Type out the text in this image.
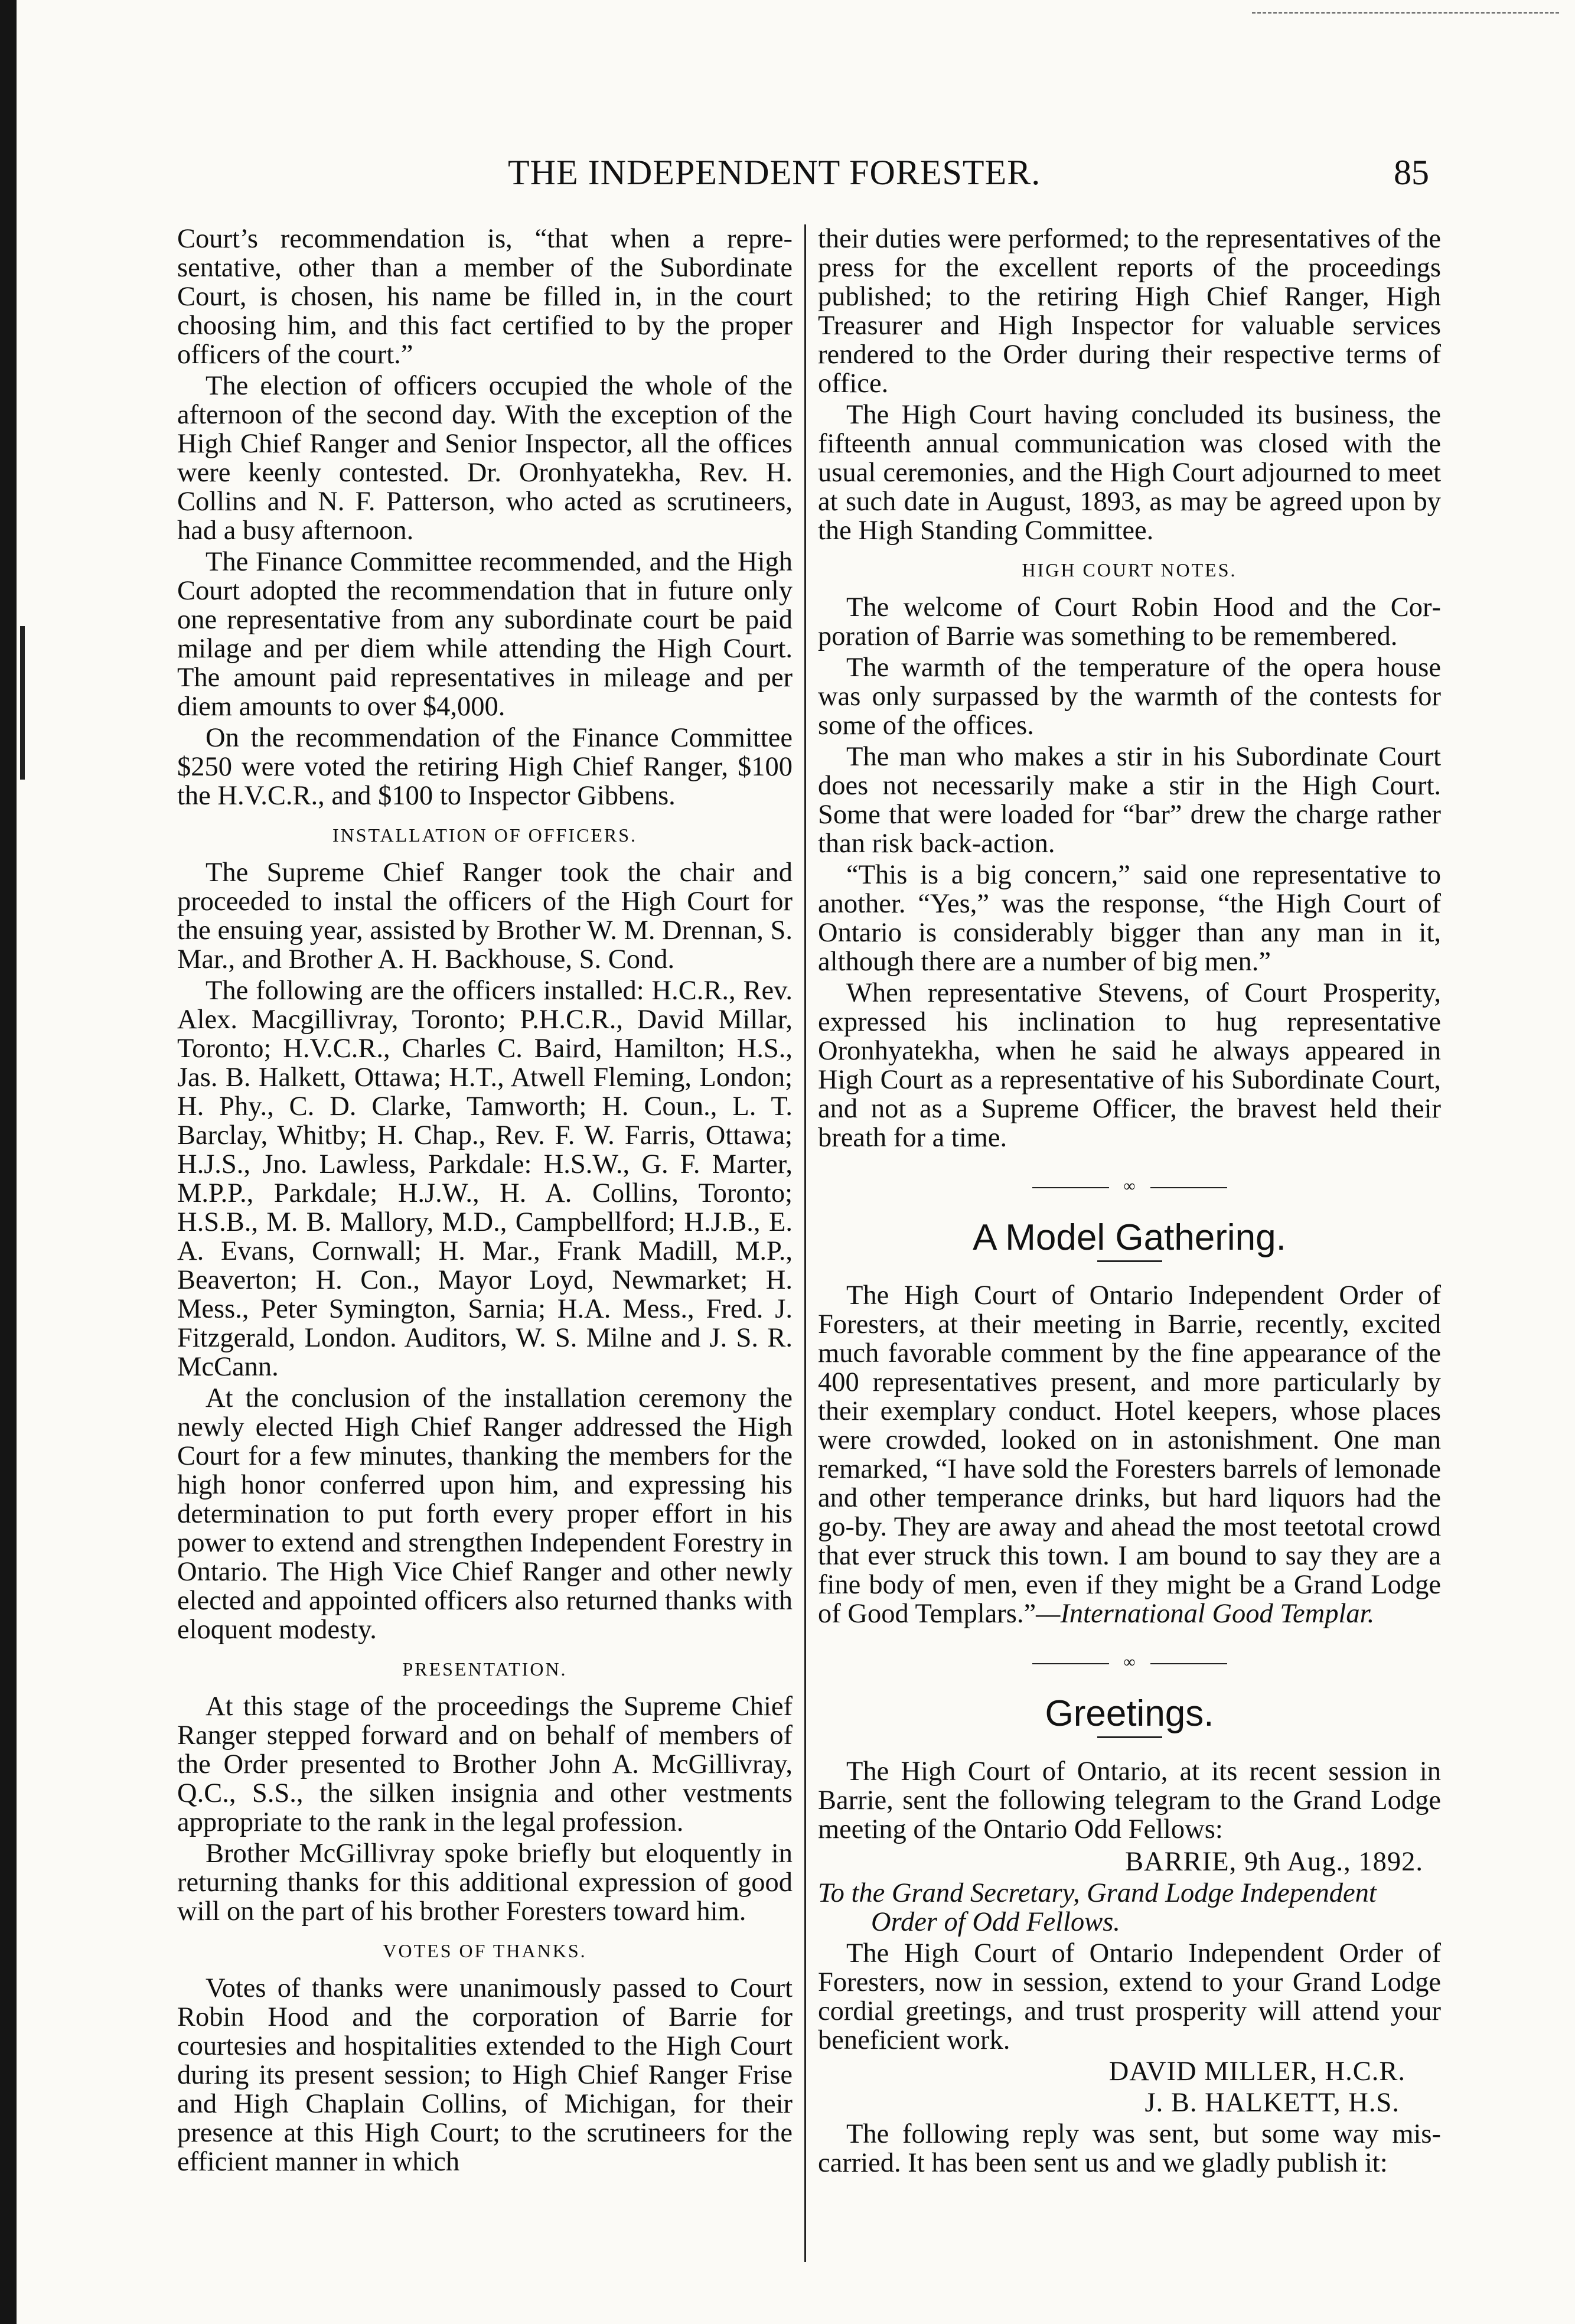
THE INDEPENDENT FORESTER.	85

Court’s recommendation is, “that when a representative, other than a member of the Subordinate Court, is chosen, his name be filled in, in the court choosing him, and this fact certified to by the proper officers of the court.”

The election of officers occupied the whole of the afternoon of the second day. With the exception of the High Chief Ranger and Senior Inspector, all the offices were keenly contested. Dr. Oronhyatekha, Rev. H. Collins and N. F. Patterson, who acted as scrutineers, had a busy afternoon.

The Finance Committee recommended, and the High Court adopted the recommendation that in future only one representative from any subordinate court be paid milage and per diem while attending the High Court. The amount paid representatives in mileage and per diem amounts to over $4,000.

On the recommendation of the Finance Committee $250 were voted the retiring High Chief Ranger, $100 the H.V.C.R., and $100 to Inspector Gibbens.

INSTALLATION OF OFFICERS.

The Supreme Chief Ranger took the chair and proceeded to instal the officers of the High Court for the ensuing year, assisted by Brother W. M. Drennan, S. Mar., and Brother A. H. Backhouse, S. Cond.

The following are the officers installed: H.C.R., Rev. Alex. Macgillivray, Toronto; P.H.C.R., David Millar, Toronto; H.V.C.R., Charles C. Baird, Hamilton; H.S., Jas. B. Halkett, Ottawa; H.T., Atwell Fleming, London; H. Phy., C. D. Clarke, Tamworth; H. Coun., L. T. Barclay, Whitby; H. Chap., Rev. F. W. Farris, Ottawa; H.J.S., Jno. Lawless, Parkdale: H.S.W., G. F. Marter, M.P.P., Parkdale; H.J.W., H. A. Collins, Toronto; H.S.B., M. B. Mallory, M.D., Campbellford; H.J.B., E. A. Evans, Cornwall; H. Mar., Frank Madill, M.P., Beaverton; H. Con., Mayor Loyd, Newmarket; H. Mess., Peter Symington, Sarnia; H.A. Mess., Fred. J. Fitzgerald, London. Auditors, W. S. Milne and J. S. R. McCann.

At the conclusion of the installation ceremony the newly elected High Chief Ranger addressed the High Court for a few minutes, thanking the members for the high honor conferred upon him, and expressing his determination to put forth every proper effort in his power to extend and strengthen Independent Forestry in Ontario. The High Vice Chief Ranger and other newly elected and appointed officers also returned thanks with eloquent modesty.

PRESENTATION.

At this stage of the proceedings the Supreme Chief Ranger stepped forward and on behalf of members of the Order presented to Brother John A. McGillivray, Q.C., S.S., the silken insignia and other vestments appropriate to the rank in the legal profession.

Brother McGillivray spoke briefly but eloquently in returning thanks for this additional expression of good will on the part of his brother Foresters toward him.

VOTES OF THANKS.

Votes of thanks were unanimously passed to Court Robin Hood and the corporation of Barrie for courtesies and hospitalities extended to the High Court during its present session; to High Chief Ranger Frise and High Chaplain Collins, of Michigan, for their presence at this High Court; to the scrutineers for the efficient manner in which

their duties were performed; to the representatives of the press for the excellent reports of the proceedings published; to the retiring High Chief Ranger, High Treasurer and High Inspector for valuable services rendered to the Order during their respective terms of office.

The High Court having concluded its business, the fifteenth annual communication was closed with the usual ceremonies, and the High Court adjourned to meet at such date in August, 1893, as may be agreed upon by the High Standing Committee.

HIGH COURT NOTES.

The welcome of Court Robin Hood and the Corporation of Barrie was something to be remembered.

The warmth of the temperature of the opera house was only surpassed by the warmth of the contests for some of the offices.

The man who makes a stir in his Subordinate Court does not necessarily make a stir in the High Court. Some that were loaded for “bar” drew the charge rather than risk back-action.

“This is a big concern,” said one representative to another. “Yes,” was the response, “the High Court of Ontario is considerably bigger than any man in it, although there are a number of big men.”

When representative Stevens, of Court Prosperity, expressed his inclination to hug representative Oronhyatekha, when he said he always appeared in High Court as a representative of his Subordinate Court, and not as a Supreme Officer, the bravest held their breath for a time.

∞
A Model Gathering.

The High Court of Ontario Independent Order of Foresters, at their meeting in Barrie, recently, excited much favorable comment by the fine appearance of the 400 representatives present, and more particularly by their exemplary conduct. Hotel keepers, whose places were crowded, looked on in astonishment. One man remarked, “I have sold the Foresters barrels of lemonade and other temperance drinks, but hard liquors had the go-by. They are away and ahead the most teetotal crowd that ever struck this town. I am bound to say they are a fine body of men, even if they might be a Grand Lodge of Good Templars.”—International Good Templar.

∞
Greetings.

The High Court of Ontario, at its recent session in Barrie, sent the following telegram to the Grand Lodge meeting of the Ontario Odd Fellows:

BARRIE, 9th Aug., 1892.

To the Grand Secretary, Grand Lodge Independent
Order of Odd Fellows.

The High Court of Ontario Independent Order of Foresters, now in session, extend to your Grand Lodge cordial greetings, and trust prosperity will attend your beneficient work.

DAVID MILLER, H.C.R.

J. B. HALKETT, H.S.

The following reply was sent, but some way miscarried. It has been sent us and we gladly publish it:
